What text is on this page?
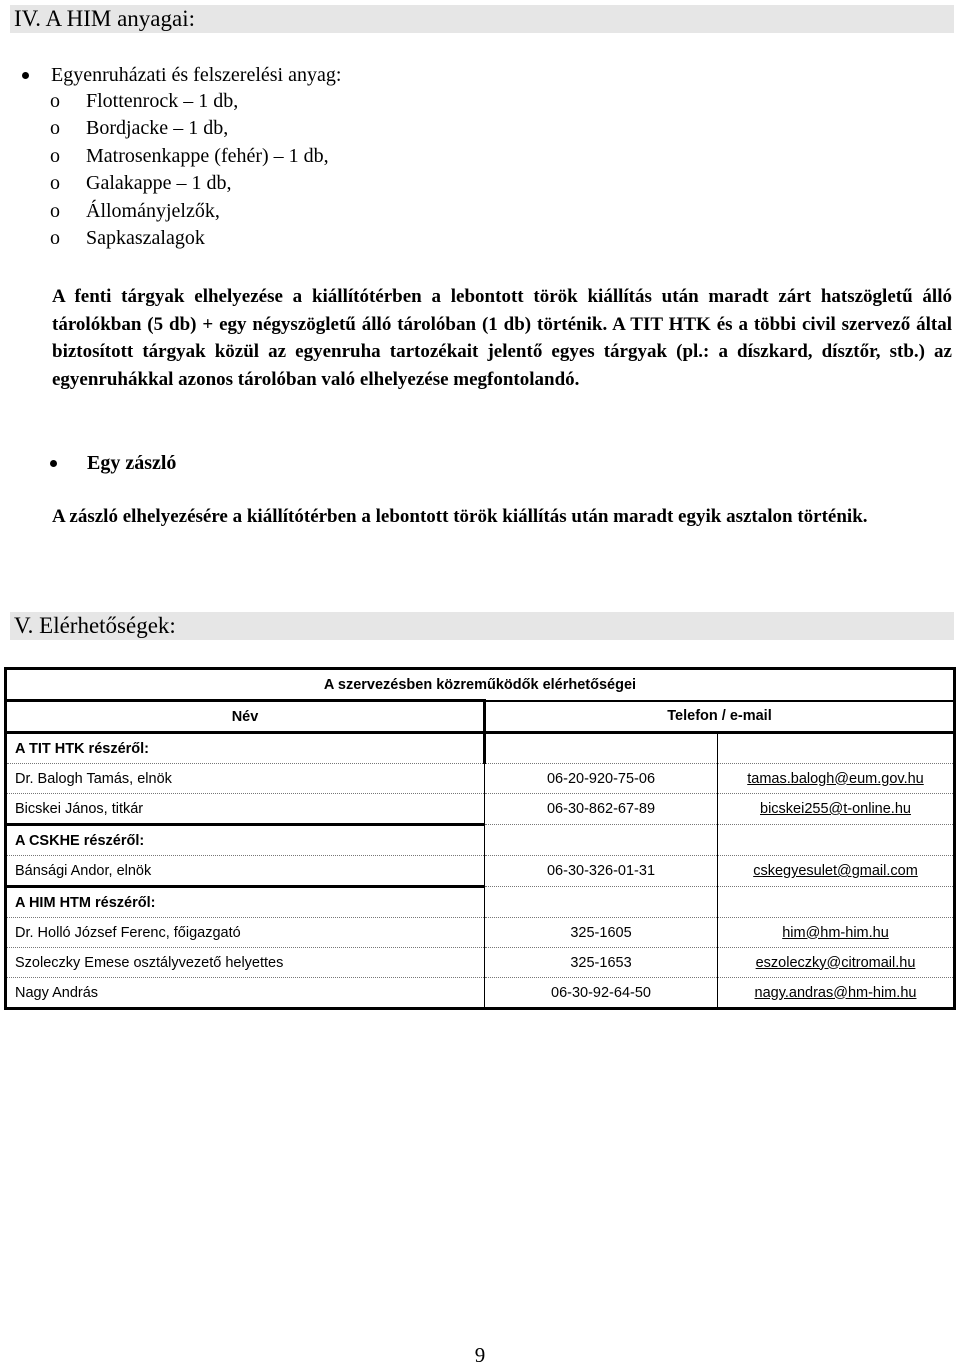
IV. A HIM anyagai:
Egyenruházati és felszerelési anyag:
o Flottenrock – 1 db,
o Bordjacke – 1 db,
o Matrosenkappe (fehér) – 1 db,
o Galakappe – 1 db,
o Állományjelzők,
o Sapkaszalagok
A fenti tárgyak elhelyezése a kiállítótérben a lebontott török kiállítás után maradt zárt hatszögletű álló tárolókban (5 db) + egy négyszögletű álló tárolóban (1 db) történik. A TIT HTK és a többi civil szervező által biztosított tárgyak közül az egyenruha tartozékait jelentő egyes tárgyak (pl.: a díszkard, dísztőr, stb.) az egyenruhákkal azonos tárolóban való elhelyezése megfontolandó.
Egy zászló
A zászló elhelyezésére a kiállítótérben a lebontott török kiállítás után maradt egyik asztalon történik.
V. Elérhetőségek:
A szervezésben közreműködők elérhetőségei		
Név	Telefon / e-mail	
A TIT HTK részéről:		
Dr. Balogh Tamás, elnök	06-20-920-75-06	tamas.balogh@eum.gov.hu
Bicskei János, titkár	06-30-862-67-89	bicskei255@t-online.hu
A CSKHE részéről:		
Bánsági Andor, elnök	06-30-326-01-31	cskegyesulet@gmail.com
A HIM HTM részéről:		
Dr. Holló József Ferenc, főigazgató	325-1605	him@hm-him.hu
Szoleczky Emese osztályvezető helyettes	325-1653	eszoleczky@citromail.hu
Nagy András	06-30-92-64-50	nagy.andras@hm-him.hu
9
